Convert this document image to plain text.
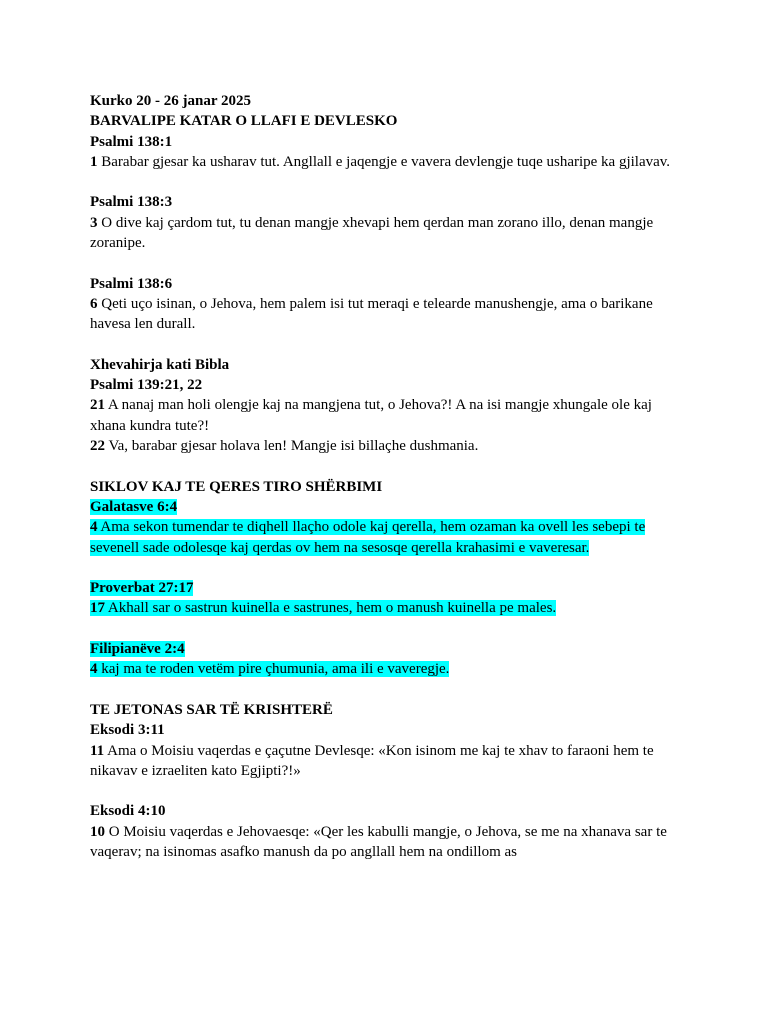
Kurko 20 - 26 janar 2025

BARVALIPE KATAR O LLAFI E DEVLESKO

Psalmi 138:1

1 Barabar gjesar ka usharav tut. Angllall e jaqengje e vavera devlengje tuqe usharipe ka gjilavav.

Psalmi 138:3

3 O dive kaj çardom tut, tu denan mangje xhevapi hem qerdan man zorano illo, denan mangje zoranipe.

Psalmi 138:6

6 Qeti uço isinan, o Jehova, hem palem isi tut meraqi e telearde manushengje, ama o barikane havesa len durall.

Xhevahirja kati Bibla

Psalmi 139:21, 22

21 A nanaj man holi olengje kaj na mangjena tut, o Jehova?! A na isi mangje xhungale ole kaj xhana kundra tute?!

22 Va, barabar gjesar holava len! Mangje isi billaçhe dushmania.

SIKLOV KAJ TE QERES TIRO SHËRBIMI

Galatasve 6:4

4 Ama sekon tumendar te diqhell llaçho odole kaj qerella, hem ozaman ka ovell les sebepi te sevenell sade odolesqe kaj qerdas ov hem na sesosqe qerella krahasimi e vaveresar.

Proverbat 27:17

17 Akhall sar o sastrun kuinella e sastrunes, hem o manush kuinella pe males.

Filipianëve 2:4

4 kaj ma te roden vetëm pire çhumunia, ama ili e vaveregje.

TE JETONAS SAR TË KRISHTERË

Eksodi 3:11

11 Ama o Moisiu vaqerdas e çaçutne Devlesqe: «Kon isinom me kaj te xhav to faraoni hem te nikavav e izraeliten kato Egjipti?!»

Eksodi 4:10

10 O Moisiu vaqerdas e Jehovaesqe: «Qer les kabulli mangje, o Jehova, se me na xhanava sar te vaqerav; na isinomas asafko manush da po angllall hem na ondillom as
